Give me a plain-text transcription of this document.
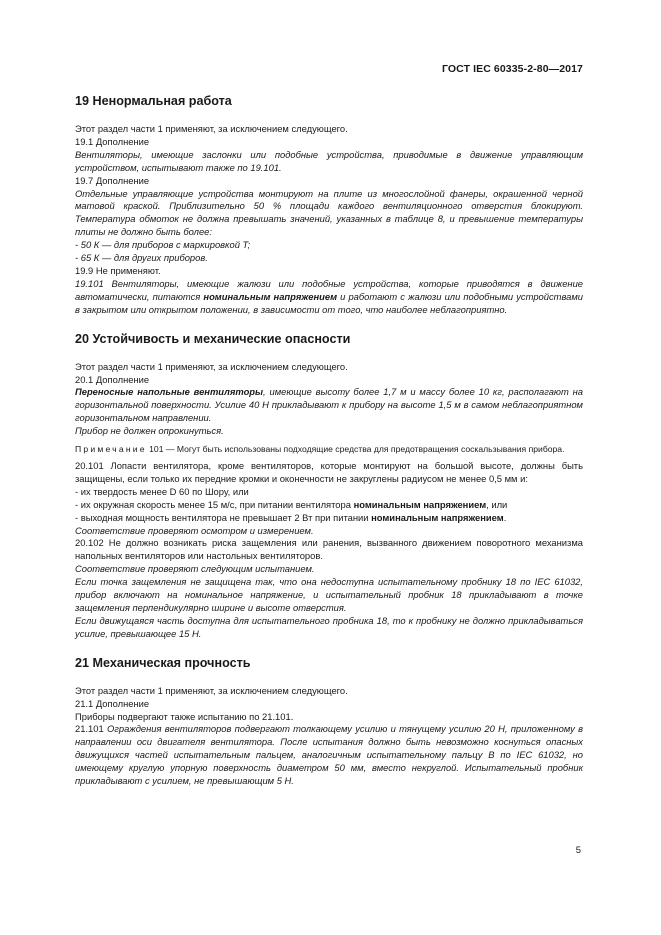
ГОСТ IEC 60335-2-80—2017
19 Ненормальная работа

Этот раздел части 1 применяют, за исключением следующего.

19.1 Дополнение

Вентиляторы, имеющие заслонки или подобные устройства, приводимые в движение управляющим устройством, испытывают также по 19.101.

19.7 Дополнение

Отдельные управляющие устройства монтируют на плите из многослойной фанеры, окрашенной черной матовой краской. Приблизительно 50 % площади каждого вентиляционного отверстия блокируют. Температура обмоток не должна превышать значений, указанных в таблице 8, и превышение температуры плиты не должно быть более:

- 50 К — для приборов с маркировкой T;

- 65 К — для других приборов.

19.9 Не применяют.

19.101 Вентиляторы, имеющие жалюзи или подобные устройства, которые приводятся в движение автоматически, питаются номинальным напряжением и работают с жалюзи или подобными устройствами в закрытом или открытом положении, в зависимости от того, что наиболее неблагоприятно.

20 Устойчивость и механические опасности

Этот раздел части 1 применяют, за исключением следующего.

20.1 Дополнение

Переносные напольные вентиляторы, имеющие высоту более 1,7 м и массу более 10 кг, располагают на горизонтальной поверхности. Усилие 40 Н прикладывают к прибору на высоте 1,5 м в самом неблагоприятном горизонтальном направлении.

Прибор не должен опрокинуться.

Примечание 101 — Могут быть использованы подходящие средства для предотвращения соскальзывания прибора.

20.101 Лопасти вентилятора, кроме вентиляторов, которые монтируют на большой высоте, должны быть защищены, если только их передние кромки и оконечности не закруглены радиусом не менее 0,5 мм и:

- их твердость менее D 60 по Шору, или

- их окружная скорость менее 15 м/с, при питании вентилятора номинальным напряжением, или

- выходная мощность вентилятора не превышает 2 Вт при питании номинальным напряжением.

Соответствие проверяют осмотром и измерением.

20.102 Не должно возникать риска защемления или ранения, вызванного движением поворотного механизма напольных вентиляторов или настольных вентиляторов.

Соответствие проверяют следующим испытанием.

Если точка защемления не защищена так, что она недоступна испытательному пробнику 18 по IEC 61032, прибор включают на номинальное напряжение, и испытательный пробник 18 прикладывают в точке защемления перпендикулярно ширине и высоте отверстия.

Если движущаяся часть доступна для испытательного пробника 18, то к пробнику не должно прикладываться усилие, превышающее 15 Н.

21 Механическая прочность

Этот раздел части 1 применяют, за исключением следующего.

21.1 Дополнение

Приборы подвергают также испытанию по 21.101.

21.101 Ограждения вентиляторов подвергают толкающему усилию и тянущему усилию 20 Н, приложенному в направлении оси двигателя вентилятора. После испытания должно быть невозможно коснуться опасных движущихся частей испытательным пальцем, аналогичным испытательному пальцу B по IEC 61032, но имеющему круглую упорную поверхность диаметром 50 мм, вместо некруглой. Испытательный пробник прикладывают с усилием, не превышающим 5 Н.

5
